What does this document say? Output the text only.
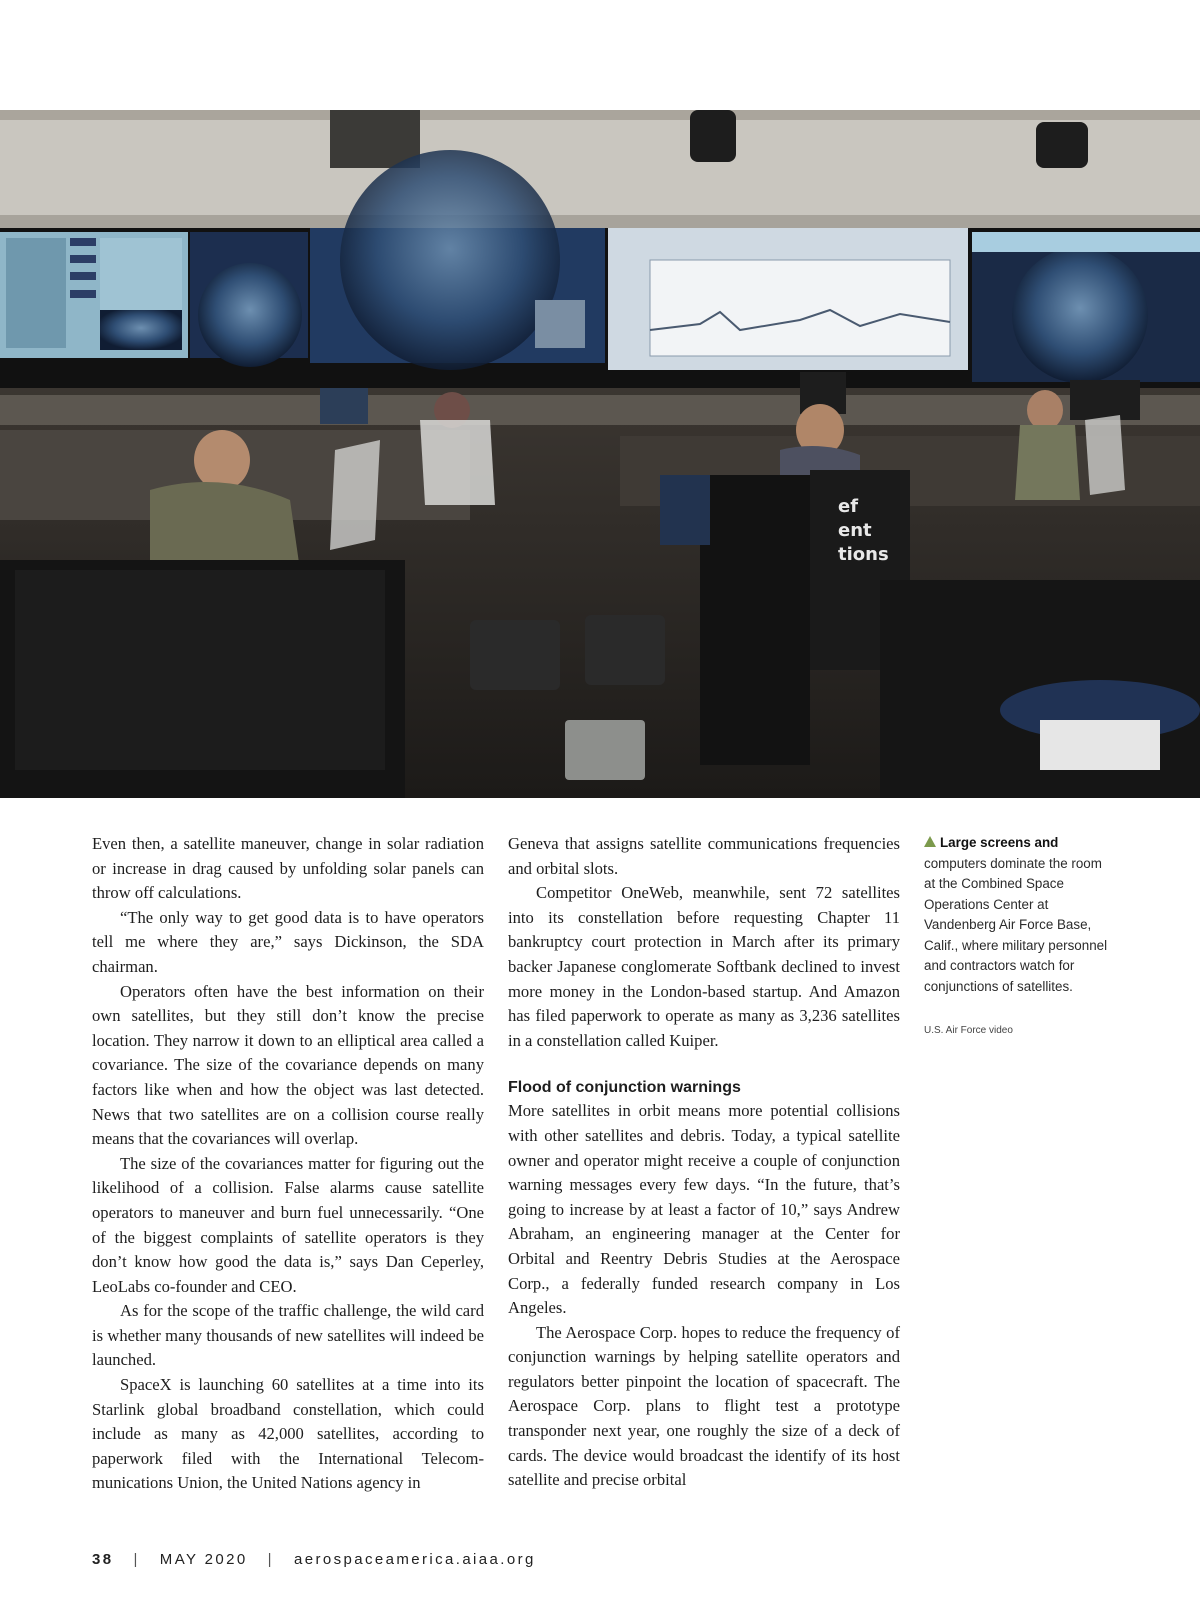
ef
ent
tions

Even then, a satellite maneuver, change in solar radiation or increase in drag caused by unfolding solar panels can throw off calculations.

“The only way to get good data is to have operators tell me where they are,” says Dickinson, the SDA chairman.

Operators often have the best information on their own satellites, but they still don’t know the precise location. They narrow it down to an elliptical area called a covariance. The size of the covariance depends on many factors like when and how the object was last detected. News that two satellites are on a collision course really means that the covariances will overlap.

The size of the covariances matter for figuring out the likelihood of a collision. False alarms cause satellite operators to maneuver and burn fuel unnecessarily. “One of the biggest complaints of satellite operators is they don’t know how good the data is,” says Dan Ceperley, LeoLabs co-founder and CEO.

As for the scope of the traffic challenge, the wild card is whether many thousands of new satellites will indeed be launched.

SpaceX is launching 60 satellites at a time into its Starlink global broadband constellation, which could include as many as 42,000 satellites, according to paperwork filed with the International Telecommunications Union, the United Nations agency in

Geneva that assigns satellite communications frequencies and orbital slots.

Competitor OneWeb, meanwhile, sent 72 satellites into its constellation before requesting Chapter 11 bankruptcy court protection in March after its primary backer Japanese conglomerate Softbank declined to invest more money in the London-based startup. And Amazon has filed paperwork to operate as many as 3,236 satellites in a constellation called Kuiper.

Flood of conjunction warnings

More satellites in orbit means more potential collisions with other satellites and debris. Today, a typical satellite owner and operator might receive a couple of conjunction warning messages every few days. “In the future, that’s going to increase by at least a factor of 10,” says Andrew Abraham, an engineering manager at the Center for Orbital and Reentry Debris Studies at the Aerospace Corp., a federally funded research company in Los Angeles.

The Aerospace Corp. hopes to reduce the frequency of conjunction warnings by helping satellite operators and regulators better pinpoint the location of spacecraft. The Aerospace Corp. plans to flight test a prototype transponder next year, one roughly the size of a deck of cards. The device would broadcast the identify of its host satellite and precise orbital

Large screens and computers dominate the room at the Combined Space Operations Center at Vandenberg Air Force Base, Calif., where military personnel and contractors watch for conjunctions of satellites.
U.S. Air Force video
38 | MAY 2020 | aerospaceamerica.aiaa.org
